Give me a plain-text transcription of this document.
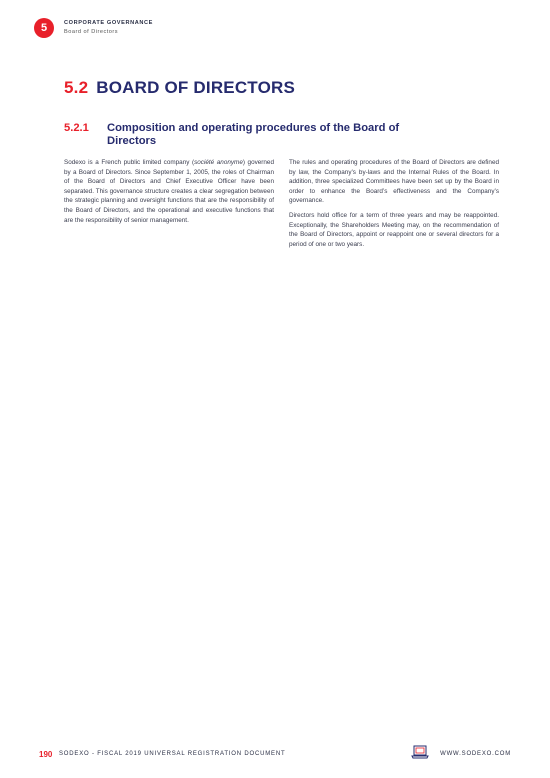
5	CORPORATE GOVERNANCE
Board of Directors
5.2 BOARD OF DIRECTORS
5.2.1 Composition and operating procedures of the Board of Directors

Sodexo is a French public limited company (société anonyme) governed by a Board of Directors. Since September 1, 2005, the roles of Chairman of the Board of Directors and Chief Executive Officer have been separated. This governance structure creates a clear segregation between the strategic planning and oversight functions that are the responsibility of the Board of Directors, and the operational and executive functions that are the responsibility of senior management.

The rules and operating procedures of the Board of Directors are defined by law, the Company’s by-laws and the Internal Rules of the Board. In addition, three specialized Committees have been set up by the Board in order to enhance the Board’s effectiveness and the Company’s governance.

Directors hold office for a term of three years and may be reappointed. Exceptionally, the Shareholders Meeting may, on the recommendation of the Board of Directors, appoint or reappoint one or several directors for a period of one or two years.

190 SODEXO - FISCAL 2019 UNIVERSAL REGISTRATION DOCUMENT	WWW.SODEXO.COM
